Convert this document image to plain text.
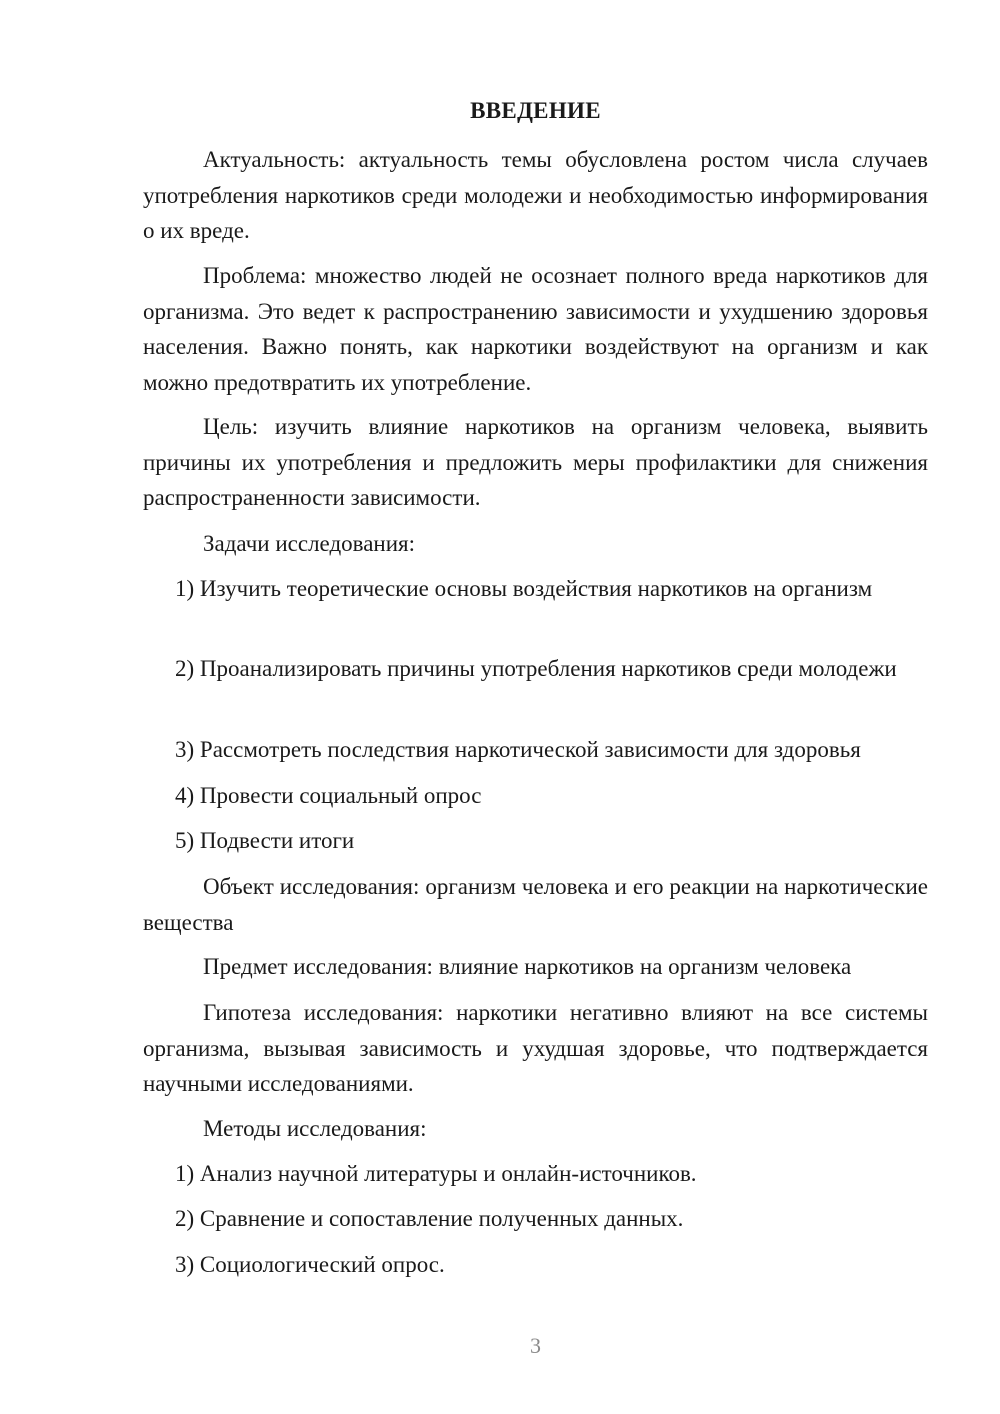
ВВЕДЕНИЕ
Актуальность: актуальность темы обусловлена ростом числа случаев употребления наркотиков среди молодежи и необходимостью информирования о их вреде.
Проблема: множество людей не осознает полного вреда наркотиков для организма. Это ведет к распространению зависимости и ухудшению здоровья населения. Важно понять, как наркотики воздействуют на организм и как можно предотвратить их употребление.
Цель: изучить влияние наркотиков на организм человека, выявить причины их употребления и предложить меры профилактики для снижения распространенности зависимости.
Задачи исследования:
1) Изучить теоретические основы воздействия наркотиков на организм
2) Проанализировать причины употребления наркотиков среди молодежи
3) Рассмотреть последствия наркотической зависимости для здоровья
4) Провести социальный опрос
5) Подвести итоги
Объект исследования: организм человека и его реакции на наркотические вещества
Предмет исследования: влияние наркотиков на организм человека
Гипотеза исследования: наркотики негативно влияют на все системы организма, вызывая зависимость и ухудшая здоровье, что подтверждается научными исследованиями.
Методы исследования:
1) Анализ научной литературы и онлайн-источников.
2) Сравнение и сопоставление полученных данных.
3) Социологический опрос.
3
